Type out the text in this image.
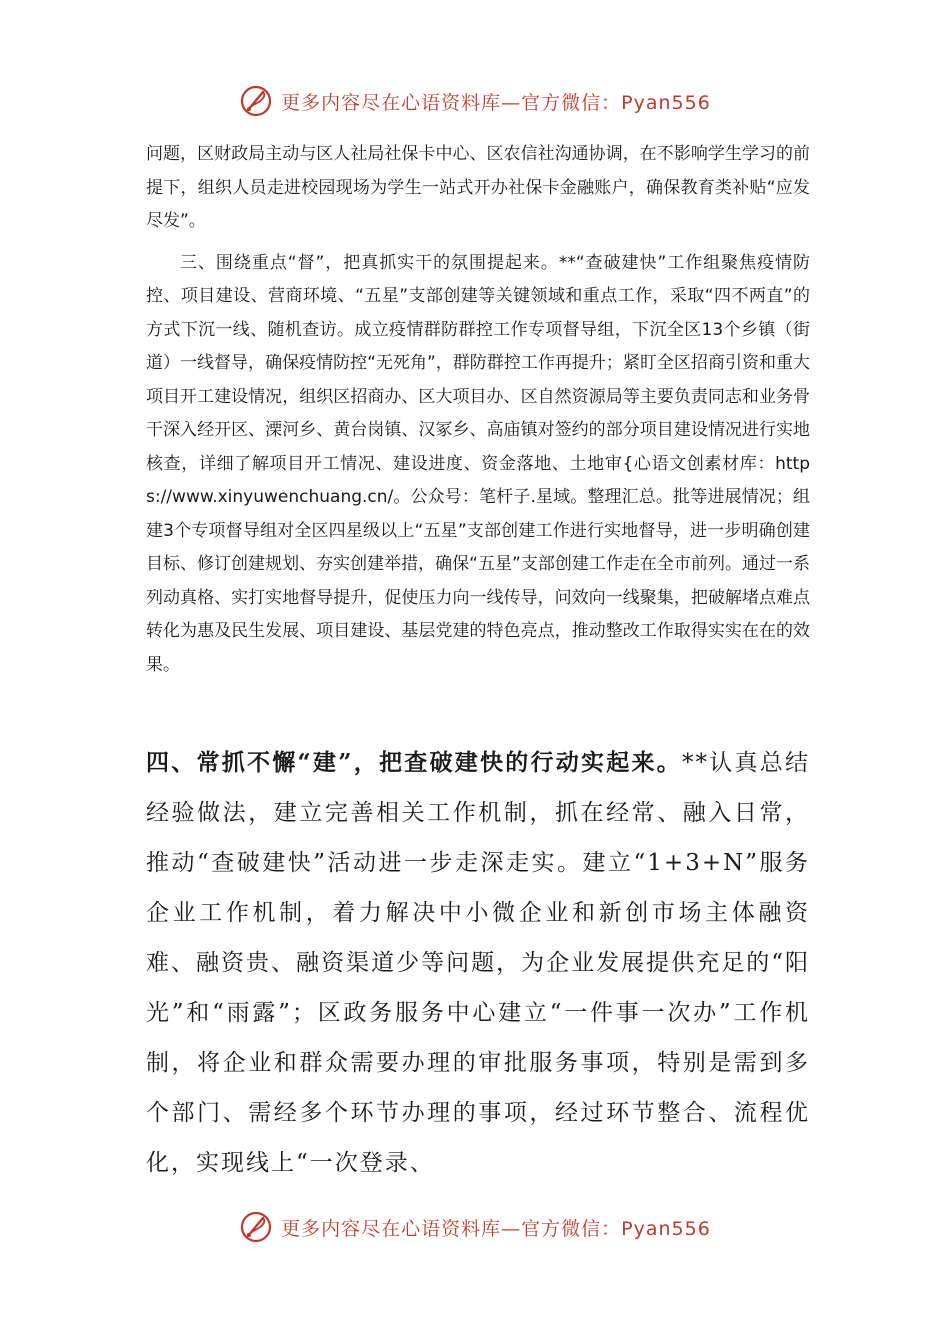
更多内容尽在心语资料库—官方微信：Pyan556

问题，区财政局主动与区人社局社保卡中心、区农信社沟通协调，在不影响学生学习的前提下，组织人员走进校园现场为学生一站式开办社保卡金融账户，确保教育类补贴“应发尽发”。

三、围绕重点“督”，把真抓实干的氛围提起来。**“查破建快”工作组聚焦疫情防控、项目建设、营商环境、“五星”支部创建等关键领域和重点工作，采取“四不两直”的方式下沉一线、随机查访。成立疫情群防群控工作专项督导组，下沉全区13个乡镇（街道）一线督导，确保疫情防控“无死角”，群防群控工作再提升；紧盯全区招商引资和重大项目开工建设情况，组织区招商办、区大项目办、区自然资源局等主要负责同志和业务骨干深入经开区、溧河乡、黄台岗镇、汉冢乡、高庙镇对签约的部分项目建设情况进行实地核查，详细了解项目开工情况、建设进度、资金落地、土地审{心语文创素材库：https://www.xinyuwenchuang.cn/。公众号：笔杆子.星域。整理汇总。批等进展情况；组建3个专项督导组对全区四星级以上“五星”支部创建工作进行实地督导，进一步明确创建目标、修订创建规划、夯实创建举措，确保“五星”支部创建工作走在全市前列。通过一系列动真格、实打实地督导提升，促使压力向一线传导，问效向一线聚集，把破解堵点难点转化为惠及民生发展、项目建设、基层党建的特色亮点，推动整改工作取得实实在在的效果。

四、常抓不懈“建”，把查破建快的行动实起来。**认真总结经验做法，建立完善相关工作机制，抓在经常、融入日常，推动“查破建快”活动进一步走深走实。建立“1+3+N”服务企业工作机制，着力解决中小微企业和新创市场主体融资难、融资贵、融资渠道少等问题，为企业发展提供充足的“阳光”和“雨露”；区政务服务中心建立“一件事一次办”工作机制，将企业和群众需要办理的审批服务事项，特别是需到多个部门、需经多个环节办理的事项，经过环节整合、流程优化，实现线上“一次登录、

更多内容尽在心语资料库—官方微信：Pyan556
